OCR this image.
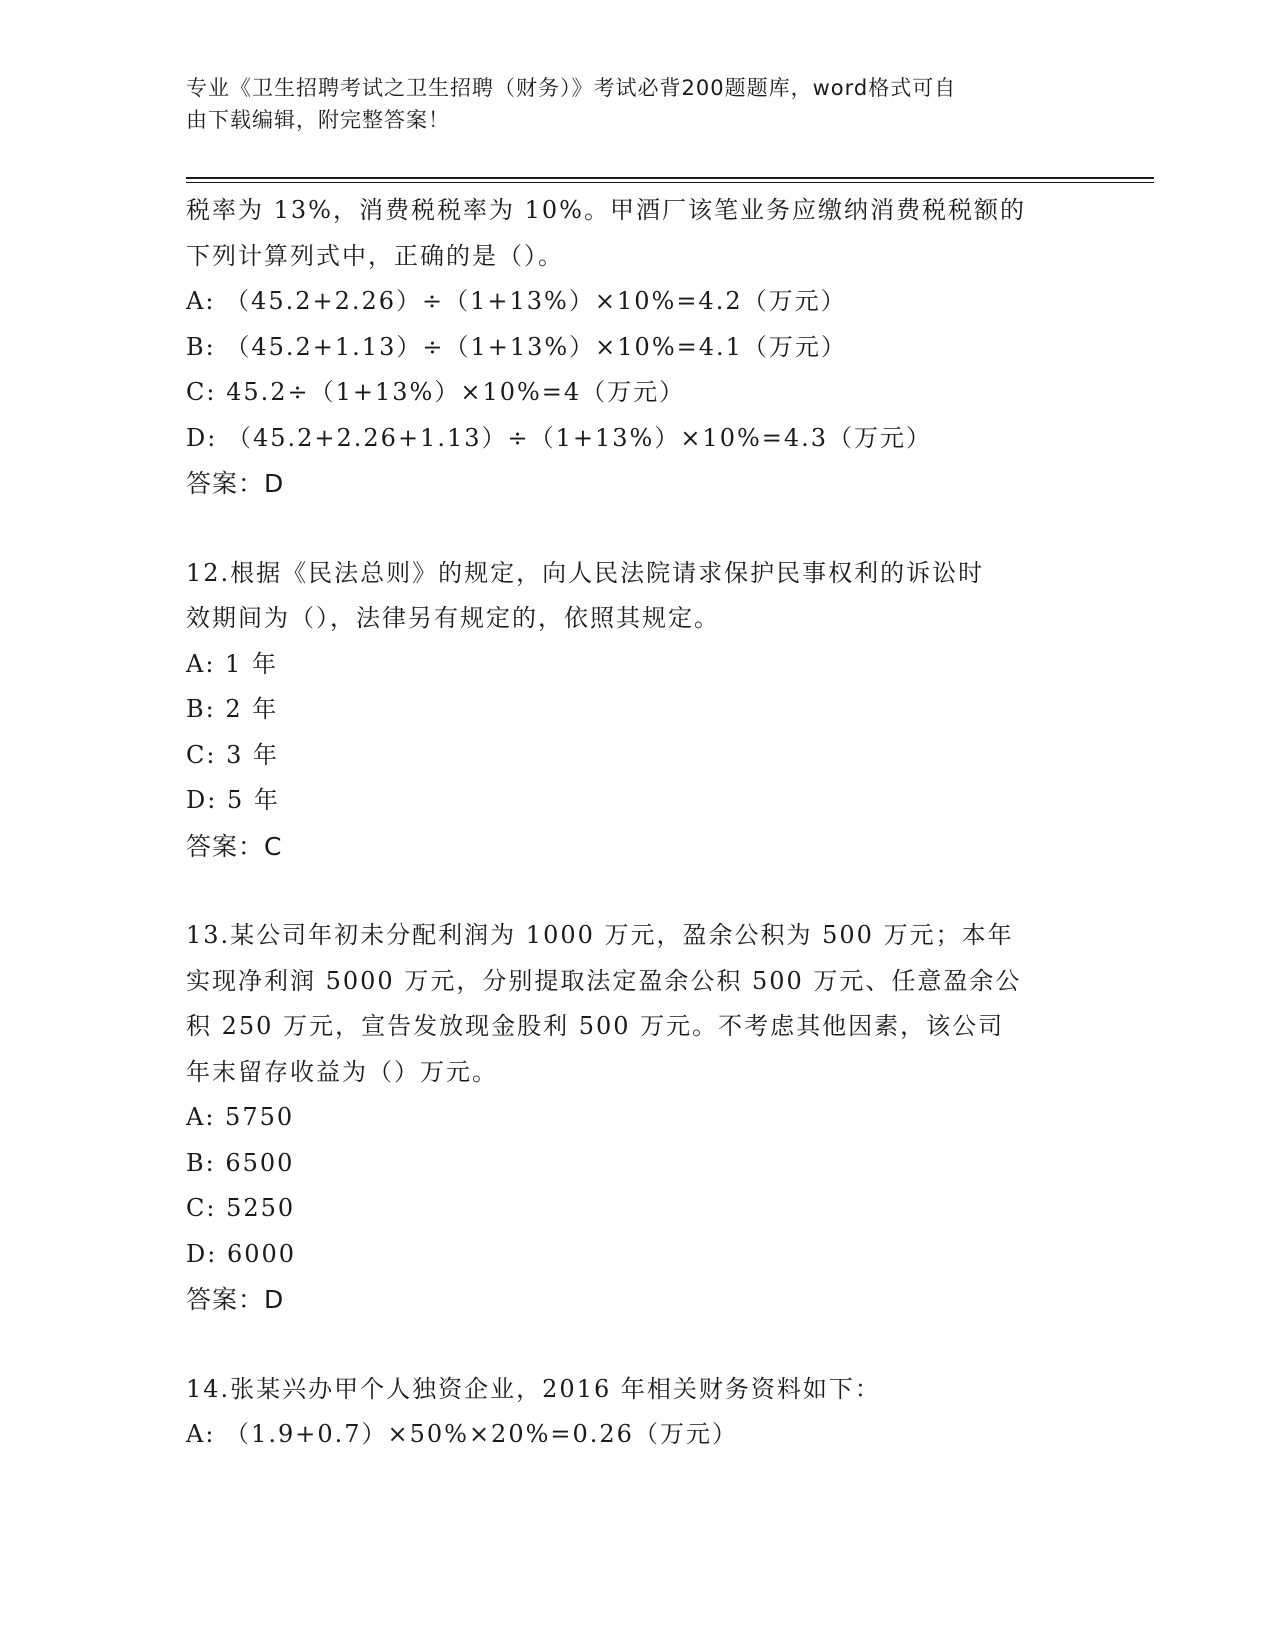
专业《卫生招聘考试之卫生招聘（财务）》考试必背200题题库，word格式可自
由下载编辑，附完整答案！
税率为 13%，消费税税率为 10%。甲酒厂该笔业务应缴纳消费税税额的
下列计算列式中，正确的是（）。
A: （45.2+2.26）÷（1+13%）×10%=4.2（万元）
B: （45.2+1.13）÷（1+13%）×10%=4.1（万元）
C: 45.2÷（1+13%）×10%=4（万元）
D: （45.2+2.26+1.13）÷（1+13%）×10%=4.3（万元）
答案：D
12.根据《民法总则》的规定，向人民法院请求保护民事权利的诉讼时
效期间为（），法律另有规定的，依照其规定。
A: 1 年
B: 2 年
C: 3 年
D: 5 年
答案：C
13.某公司年初未分配利润为 1000 万元，盈余公积为 500 万元；本年
实现净利润 5000 万元，分别提取法定盈余公积 500 万元、任意盈余公
积 250 万元，宣告发放现金股利 500 万元。不考虑其他因素，该公司
年末留存收益为（）万元。
A: 5750
B: 6500
C: 5250
D: 6000
答案：D
14.张某兴办甲个人独资企业，2016 年相关财务资料如下：
A: （1.9+0.7）×50%×20%=0.26（万元）
